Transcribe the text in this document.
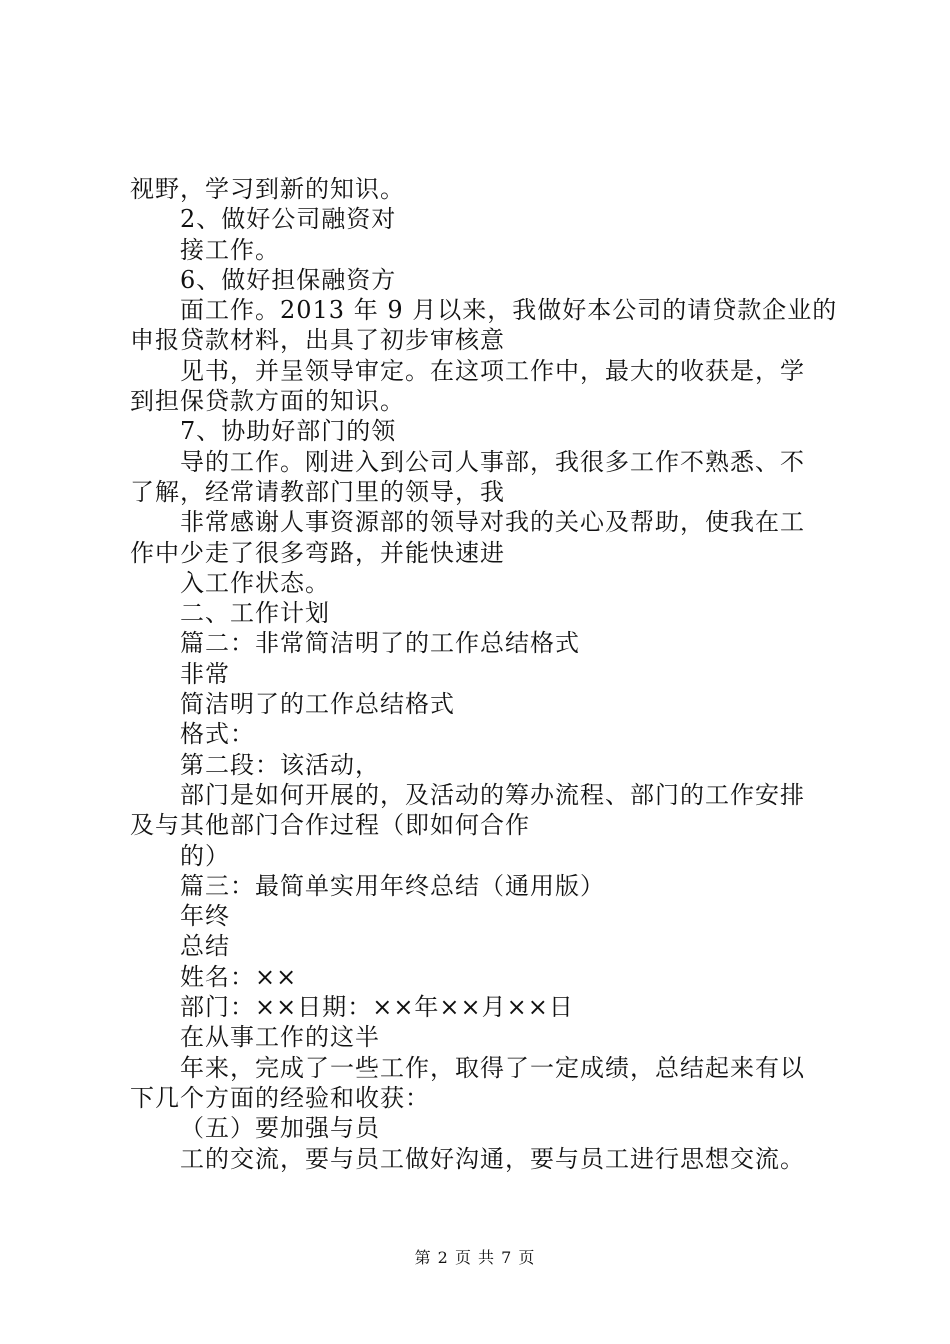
视野，学习到新的知识。
2、做好公司融资对
接工作。
6、做好担保融资方
面工作。2013 年 9 月以来，我做好本公司的请贷款企业的
申报贷款材料，出具了初步审核意
见书，并呈领导审定。在这项工作中，最大的收获是，学
到担保贷款方面的知识。
7、协助好部门的领
导的工作。刚进入到公司人事部，我很多工作不熟悉、不
了解，经常请教部门里的领导，我
非常感谢人事资源部的领导对我的关心及帮助，使我在工
作中少走了很多弯路，并能快速进
入工作状态。
二、工作计划
篇二：非常简洁明了的工作总结格式
非常
简洁明了的工作总结格式
格式：
第二段：该活动，
部门是如何开展的，及活动的筹办流程、部门的工作安排
及与其他部门合作过程（即如何合作
的）
篇三：最简单实用年终总结（通用版）
年终
总结
姓名：××
部门：××日期：××年××月××日
在从事工作的这半
年来，完成了一些工作，取得了一定成绩，总结起来有以
下几个方面的经验和收获：
（五）要加强与员
工的交流，要与员工做好沟通，要与员工进行思想交流。
第 2 页 共 7 页
